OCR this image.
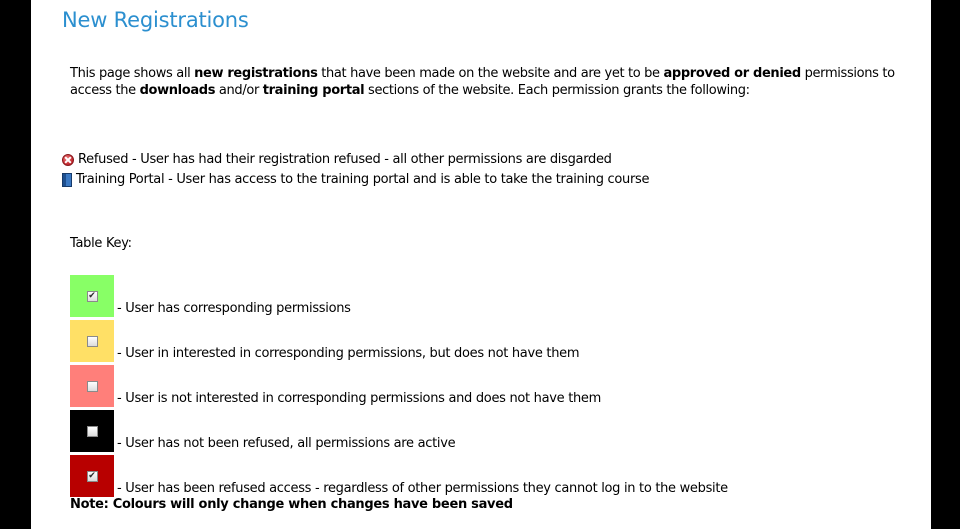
New Registrations

This page shows all new registrations that have been made on the website and are yet to be approved or denied permissions to access the downloads and/or training portal sections of the website. Each permission grants the following:

Refused - User has had their registration refused - all other permissions are disgarded
Training Portal - User has access to the training portal and is able to take the training course
Table Key:
✔
- User has corresponding permissions
- User in interested in corresponding permissions, but does not have them
- User is not interested in corresponding permissions and does not have them
- User has not been refused, all permissions are active
✔
- User has been refused access - regardless of other permissions they cannot log in to the website
Note: Colours will only change when changes have been saved
